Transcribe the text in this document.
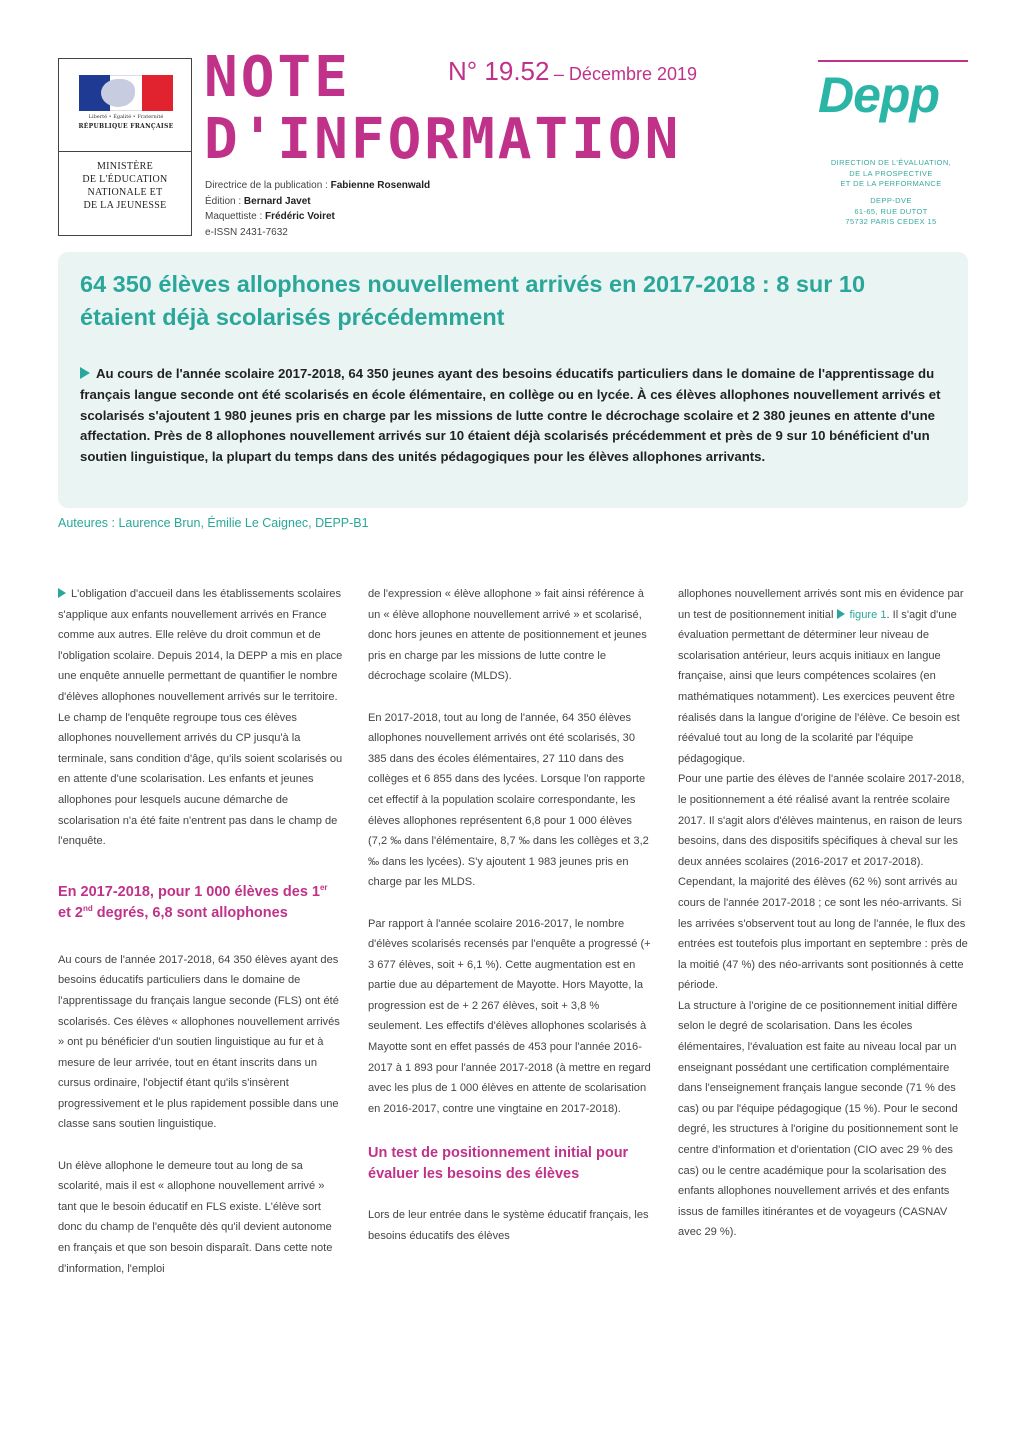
Liberté • Égalité • Fraternité
RÉPUBLIQUE FRANÇAISE
MINISTÈRE
DE L'ÉDUCATION
NATIONALE ET
DE LA JEUNESSE
NOTE
D'INFORMATION
N° 19.52 – Décembre 2019
Directrice de la publication : Fabienne Rosenwald
Édition : Bernard Javet
Maquettiste : Frédéric Voiret
e-ISSN 2431-7632
Depp
DIRECTION DE L'ÉVALUATION,
DE LA PROSPECTIVE
ET DE LA PERFORMANCE
DEPP-DVE
61-65, RUE DUTOT
75732 PARIS CEDEX 15
64 350 élèves allophones nouvellement arrivés en 2017-2018 : 8 sur 10 étaient déjà scolarisés précédemment
Au cours de l'année scolaire 2017-2018, 64 350 jeunes ayant des besoins éducatifs particuliers dans le domaine de l'apprentissage du français langue seconde ont été scolarisés en école élémentaire, en collège ou en lycée. À ces élèves allophones nouvellement arrivés et scolarisés s'ajoutent 1 980 jeunes pris en charge par les missions de lutte contre le décrochage scolaire et 2 380 jeunes en attente d'une affectation. Près de 8 allophones nouvellement arrivés sur 10 étaient déjà scolarisés précédemment et près de 9 sur 10 bénéficient d'un soutien linguistique, la plupart du temps dans des unités pédagogiques pour les élèves allophones arrivants.
Auteures : Laurence Brun, Émilie Le Caignec, DEPP-B1

L'obligation d'accueil dans les établissements scolaires s'applique aux enfants nouvellement arrivés en France comme aux autres. Elle relève du droit commun et de l'obligation scolaire. Depuis 2014, la DEPP a mis en place une enquête annuelle permettant de quantifier le nombre d'élèves allophones nouvellement arrivés sur le territoire. Le champ de l'enquête regroupe tous ces élèves allophones nouvellement arrivés du CP jusqu'à la terminale, sans condition d'âge, qu'ils soient scolarisés ou en attente d'une scolarisation. Les enfants et jeunes allophones pour lesquels aucune démarche de scolarisation n'a été faite n'entrent pas dans le champ de l'enquête.

En 2017-2018, pour 1 000 élèves des 1er et 2nd degrés, 6,8 sont allophones

Au cours de l'année 2017-2018, 64 350 élèves ayant des besoins éducatifs particuliers dans le domaine de l'apprentissage du français langue seconde (FLS) ont été scolarisés. Ces élèves « allophones nouvellement arrivés » ont pu bénéficier d'un soutien linguistique au fur et à mesure de leur arrivée, tout en étant inscrits dans un cursus ordinaire, l'objectif étant qu'ils s'insèrent progressivement et le plus rapidement possible dans une classe sans soutien linguistique.

Un élève allophone le demeure tout au long de sa scolarité, mais il est « allophone nouvellement arrivé » tant que le besoin éducatif en FLS existe. L'élève sort donc du champ de l'enquête dès qu'il devient autonome en français et que son besoin disparaît. Dans cette note d'information, l'emploi

de l'expression « élève allophone » fait ainsi référence à un « élève allophone nouvellement arrivé » et scolarisé, donc hors jeunes en attente de positionnement et jeunes pris en charge par les missions de lutte contre le décrochage scolaire (MLDS).

En 2017-2018, tout au long de l'année, 64 350 élèves allophones nouvellement arrivés ont été scolarisés, 30 385 dans des écoles élémentaires, 27 110 dans des collèges et 6 855 dans des lycées. Lorsque l'on rapporte cet effectif à la population scolaire correspondante, les élèves allophones représentent 6,8 pour 1 000 élèves (7,2 ‰ dans l'élémentaire, 8,7 ‰ dans les collèges et 3,2 ‰ dans les lycées). S'y ajoutent 1 983 jeunes pris en charge par les MLDS.

Par rapport à l'année scolaire 2016-2017, le nombre d'élèves scolarisés recensés par l'enquête a progressé (+ 3 677 élèves, soit + 6,1 %). Cette augmentation est en partie due au département de Mayotte. Hors Mayotte, la progression est de + 2 267 élèves, soit + 3,8 % seulement. Les effectifs d'élèves allophones scolarisés à Mayotte sont en effet passés de 453 pour l'année 2016-2017 à 1 893 pour l'année 2017-2018 (à mettre en regard avec les plus de 1 000 élèves en attente de scolarisation en 2016-2017, contre une vingtaine en 2017-2018).

Un test de positionnement initial pour évaluer les besoins des élèves

Lors de leur entrée dans le système éducatif français, les besoins éducatifs des élèves

allophones nouvellement arrivés sont mis en évidence par un test de positionnement initial figure 1. Il s'agit d'une évaluation permettant de déterminer leur niveau de scolarisation antérieur, leurs acquis initiaux en langue française, ainsi que leurs compétences scolaires (en mathématiques notamment). Les exercices peuvent être réalisés dans la langue d'origine de l'élève. Ce besoin est réévalué tout au long de la scolarité par l'équipe pédagogique.

Pour une partie des élèves de l'année scolaire 2017-2018, le positionnement a été réalisé avant la rentrée scolaire 2017. Il s'agit alors d'élèves maintenus, en raison de leurs besoins, dans des dispositifs spécifiques à cheval sur les deux années scolaires (2016-2017 et 2017-2018). Cependant, la majorité des élèves (62 %) sont arrivés au cours de l'année 2017-2018 ; ce sont les néo-arrivants. Si les arrivées s'observent tout au long de l'année, le flux des entrées est toutefois plus important en septembre : près de la moitié (47 %) des néo-arrivants sont positionnés à cette période.

La structure à l'origine de ce positionnement initial diffère selon le degré de scolarisation. Dans les écoles élémentaires, l'évaluation est faite au niveau local par un enseignant possédant une certification complémentaire dans l'enseignement français langue seconde (71 % des cas) ou par l'équipe pédagogique (15 %). Pour le second degré, les structures à l'origine du positionnement sont le centre d'information et d'orientation (CIO avec 29 % des cas) ou le centre académique pour la scolarisation des enfants allophones nouvellement arrivés et des enfants issus de familles itinérantes et de voyageurs (CASNAV avec 29 %).
